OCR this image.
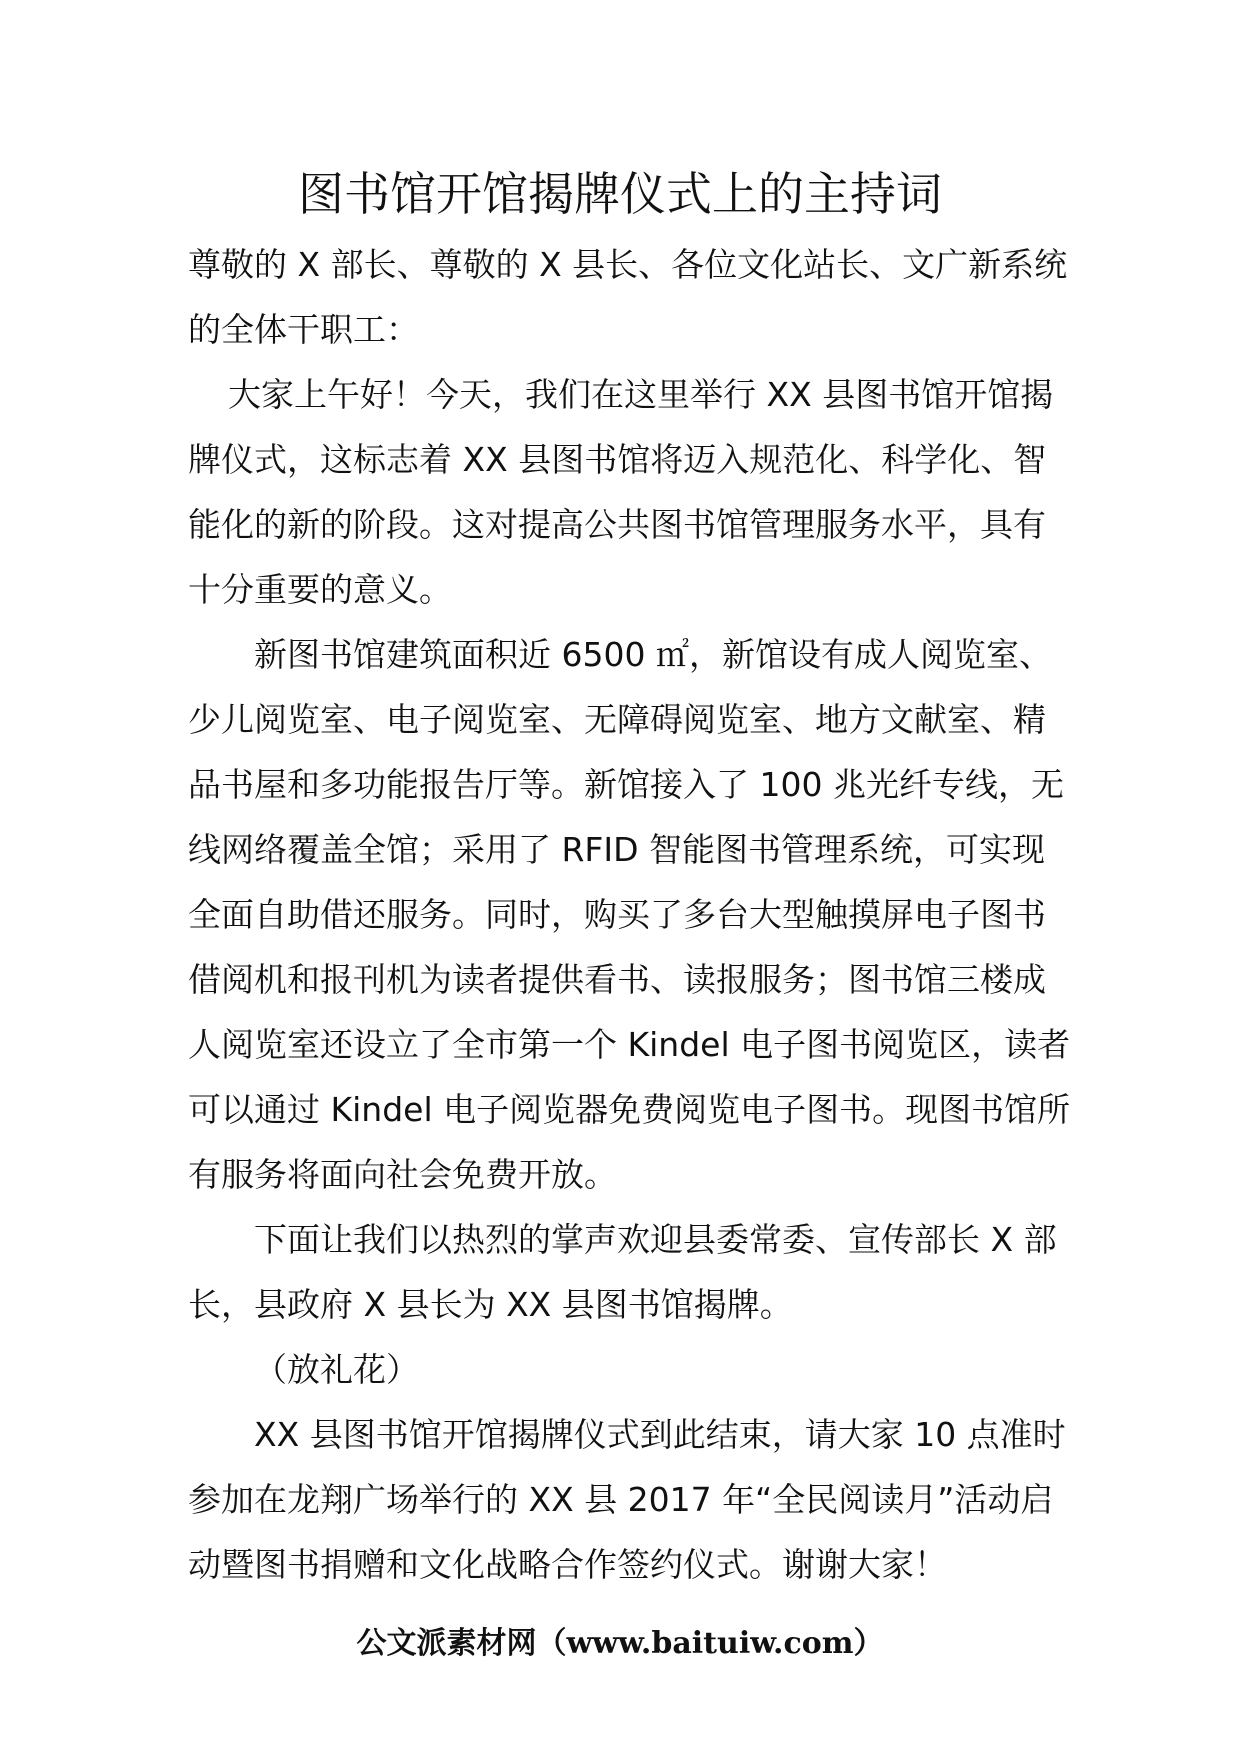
图书馆开馆揭牌仪式上的主持词

尊敬的 X 部长、尊敬的 X 县长、各位文化站长、文广新系统的全体干职工：

大家上午好！今天，我们在这里举行 XX 县图书馆开馆揭牌仪式，这标志着 XX 县图书馆将迈入规范化、科学化、智能化的新的阶段。这对提高公共图书馆管理服务水平，具有十分重要的意义。

新图书馆建筑面积近 6500 ㎡，新馆设有成人阅览室、少儿阅览室、电子阅览室、无障碍阅览室、地方文献室、精品书屋和多功能报告厅等。新馆接入了 100 兆光纤专线，无线网络覆盖全馆；采用了 RFID 智能图书管理系统，可实现全面自助借还服务。同时，购买了多台大型触摸屏电子图书借阅机和报刊机为读者提供看书、读报服务；图书馆三楼成人阅览室还设立了全市第一个 Kindel 电子图书阅览区，读者可以通过 Kindel 电子阅览器免费阅览电子图书。现图书馆所有服务将面向社会免费开放。

下面让我们以热烈的掌声欢迎县委常委、宣传部长 X 部长，县政府 X 县长为 XX 县图书馆揭牌。

（放礼花）

XX 县图书馆开馆揭牌仪式到此结束，请大家 10 点准时参加在龙翔广场举行的 XX 县 2017 年“全民阅读月”活动启动暨图书捐赠和文化战略合作签约仪式。谢谢大家！

公文派素材网（www.baituiw.com）
